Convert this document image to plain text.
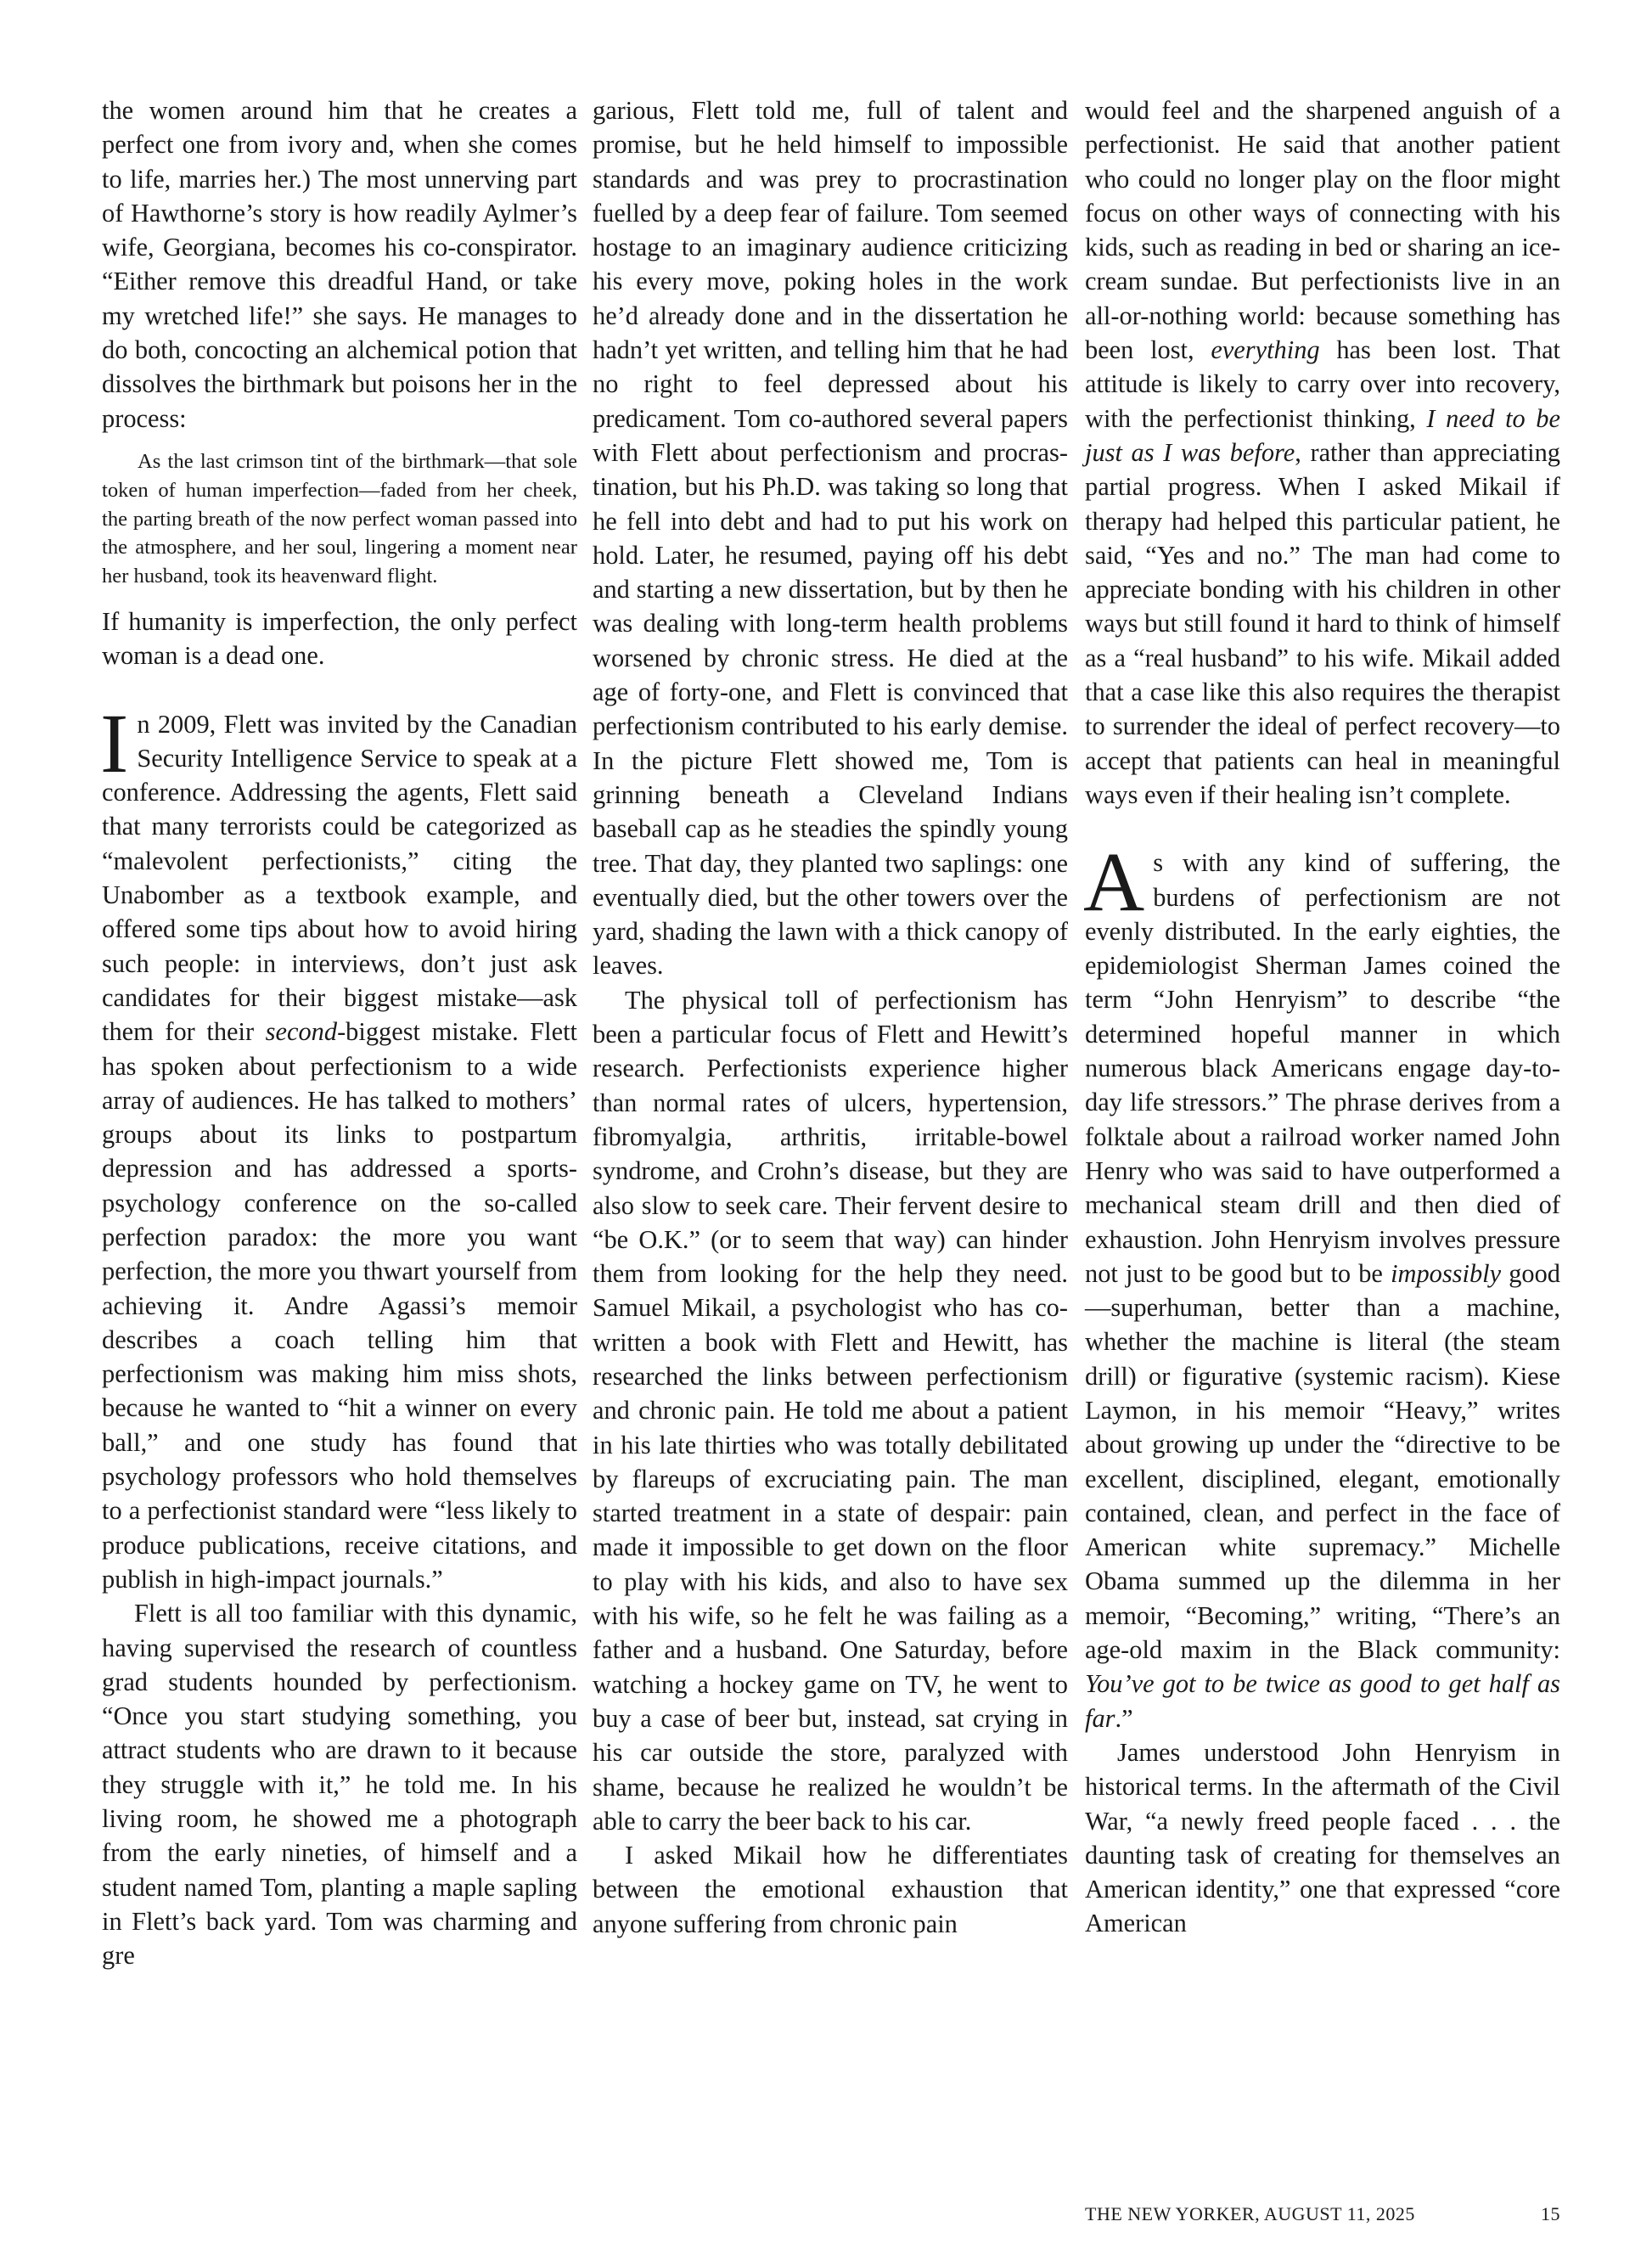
the women around him that he creates a perfect one from ivory and, when she comes to life, marries her.) The most unnerving part of Hawthorne’s story is how readily Aylmer’s wife, Georgiana, becomes his co-conspirator. “Either remove this dreadful Hand, or take my wretched life!” she says. He manages to do both, concocting an alchemical potion that dissolves the birthmark but poisons her in the process:

As the last crimson tint of the birthmark—that sole token of human imperfection—faded from her cheek, the parting breath of the now perfect woman passed into the atmosphere, and her soul, lingering a moment near her husband, took its heavenward flight.

If humanity is imperfection, the only perfect woman is a dead one.

In 2009, Flett was invited by the Canadian Security Intelligence Service to speak at a conference. Addressing the agents, Flett said that many terrorists could be categorized as “malevolent perfectionists,” citing the Unabomber as a textbook example, and offered some tips about how to avoid hiring such people: in interviews, don’t just ask candidates for their biggest mistake—ask them for their second-biggest mistake. Flett has spoken about perfectionism to a wide array of audiences. He has talked to mothers’ groups about its links to postpartum depression and has addressed a sports-psychology conference on the so-called perfection paradox: the more you want perfection, the more you thwart yourself from achieving it. Andre Agassi’s memoir describes a coach telling him that perfectionism was making him miss shots, because he wanted to “hit a winner on every ball,” and one study has found that psychology professors who hold themselves to a perfectionist standard were “less likely to produce publications, receive citations, and publish in high-impact journals.”

Flett is all too familiar with this dynamic, having supervised the research of countless grad students hounded by perfectionism. “Once you start studying something, you attract students who are drawn to it because they struggle with it,” he told me. In his living room, he showed me a photograph from the early nineties, of himself and a student named Tom, planting a maple sapling in Flett’s back yard. Tom was charming and gre

garious, Flett told me, full of talent and promise, but he held himself to impossible standards and was prey to procrastination fuelled by a deep fear of failure. Tom seemed hostage to an imaginary audience criticizing his every move, poking holes in the work he’d already done and in the dissertation he hadn’t yet written, and telling him that he had no right to feel depressed about his predicament. Tom co-authored several papers with Flett about perfectionism and procrastination, but his Ph.D. was taking so long that he fell into debt and had to put his work on hold. Later, he resumed, paying off his debt and starting a new dissertation, but by then he was dealing with long-term health problems worsened by chronic stress. He died at the age of forty-one, and Flett is convinced that perfectionism contributed to his early demise. In the picture Flett showed me, Tom is grinning beneath a Cleveland Indians baseball cap as he steadies the spindly young tree. That day, they planted two saplings: one eventually died, but the other towers over the yard, shading the lawn with a thick canopy of leaves.

The physical toll of perfectionism has been a particular focus of Flett and Hewitt’s research. Perfectionists experience higher than normal rates of ulcers, hypertension, fibromyalgia, arthritis, irritable-bowel syndrome, and Crohn’s disease, but they are also slow to seek care. Their fervent desire to “be O.K.” (or to seem that way) can hinder them from looking for the help they need. Samuel Mikail, a psychologist who has co-written a book with Flett and Hewitt, has researched the links between perfectionism and chronic pain. He told me about a patient in his late thirties who was totally debilitated by flareups of excruciating pain. The man started treatment in a state of despair: pain made it impossible to get down on the floor to play with his kids, and also to have sex with his wife, so he felt he was failing as a father and a husband. One Saturday, before watching a hockey game on TV, he went to buy a case of beer but, instead, sat crying in his car outside the store, paralyzed with shame, because he realized he wouldn’t be able to carry the beer back to his car.

I asked Mikail how he differentiates between the emotional exhaustion that anyone suffering from chronic pain

would feel and the sharpened anguish of a perfectionist. He said that another patient who could no longer play on the floor might focus on other ways of connecting with his kids, such as reading in bed or sharing an ice-cream sundae. But perfectionists live in an all-or-nothing world: because something has been lost, everything has been lost. That attitude is likely to carry over into recovery, with the perfectionist thinking, I need to be just as I was before, rather than appreciating partial progress. When I asked Mikail if therapy had helped this particular patient, he said, “Yes and no.” The man had come to appreciate bonding with his children in other ways but still found it hard to think of himself as a “real husband” to his wife. Mikail added that a case like this also requires the therapist to surrender the ideal of perfect recovery—to accept that patients can heal in meaningful ways even if their healing isn’t complete.

As with any kind of suffering, the burdens of perfectionism are not evenly distributed. In the early eighties, the epidemiologist Sherman James coined the term “John Henryism” to describe “the determined hopeful manner in which numerous black Americans engage day-to-day life stressors.” The phrase derives from a folktale about a railroad worker named John Henry who was said to have outperformed a mechanical steam drill and then died of exhaustion. John Henryism involves pressure not just to be good but to be impossibly good—superhuman, better than a machine, whether the machine is literal (the steam drill) or figurative (systemic racism). Kiese Laymon, in his memoir “Heavy,” writes about growing up under the “directive to be excellent, disciplined, elegant, emotionally contained, clean, and perfect in the face of American white supremacy.” Michelle Obama summed up the dilemma in her memoir, “Becoming,” writing, “There’s an age-old maxim in the Black community: You’ve got to be twice as good to get half as far.”

James understood John Henryism in historical terms. In the aftermath of the Civil War, “a newly freed people faced . . . the daunting task of creating for themselves an American identity,” one that expressed “core American

THE NEW YORKER, AUGUST 11, 2025	15
